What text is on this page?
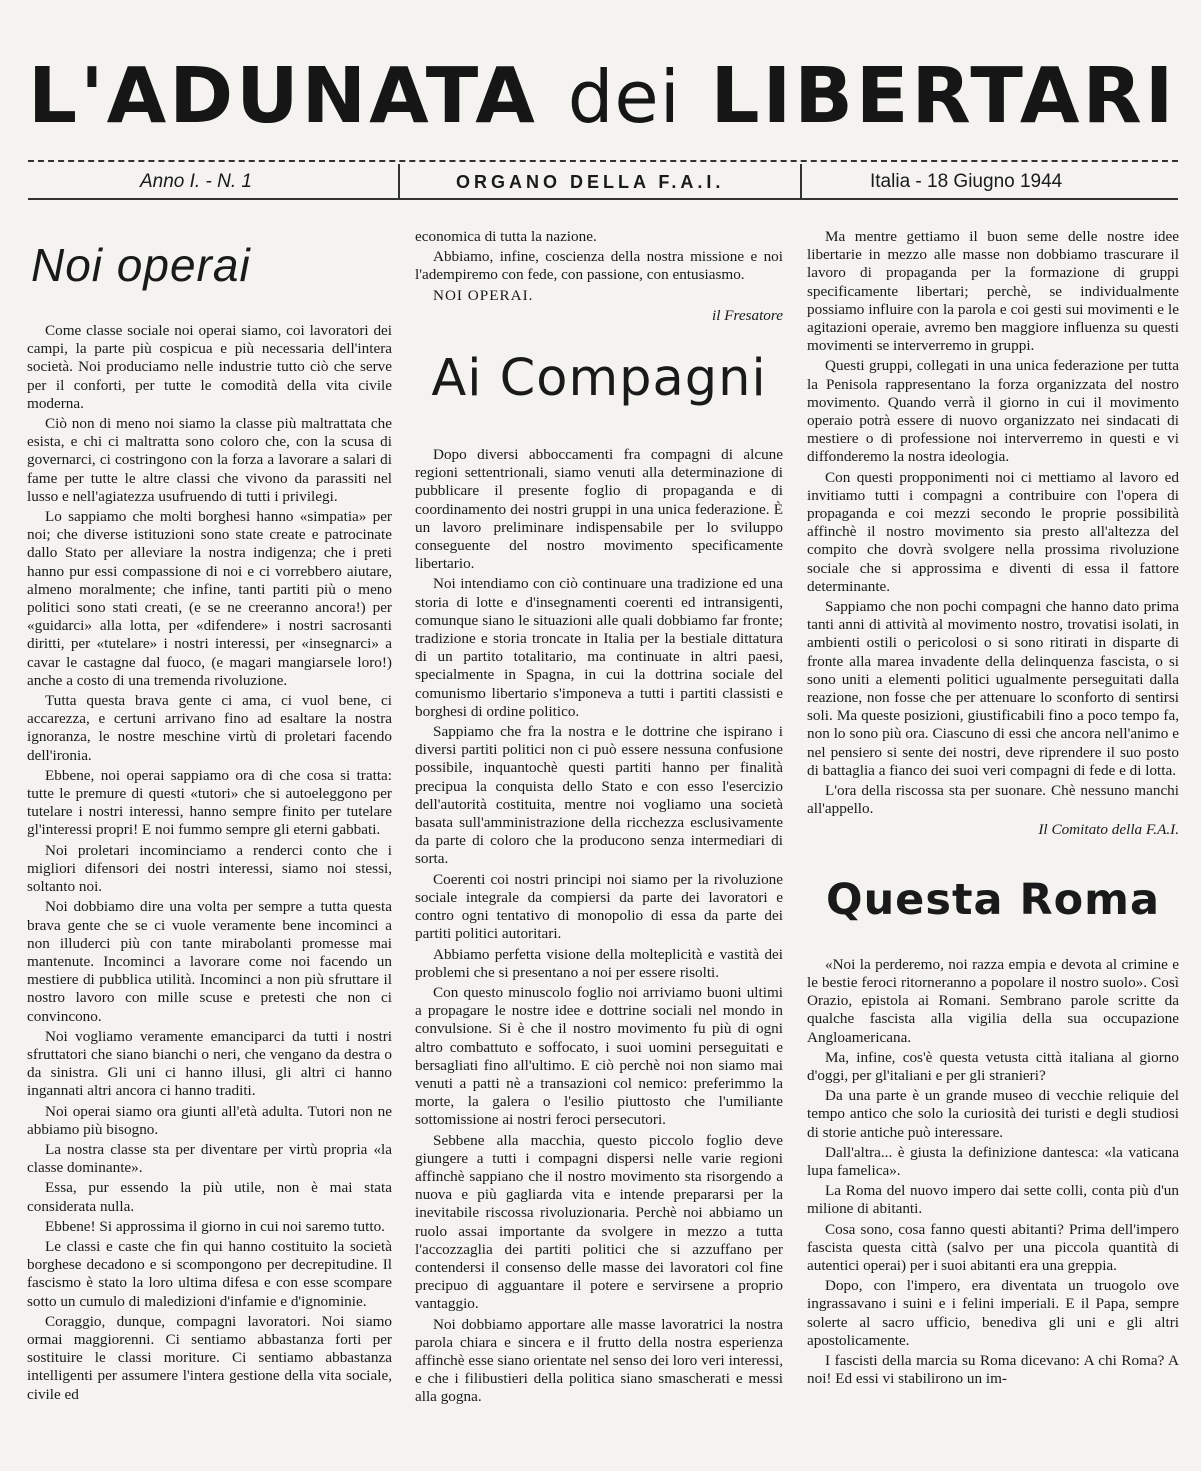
L'ADUNATA dei LIBERTARI
Anno I. - N. 1	ORGANO DELLA F.A.I.	Italia - 18 Giugno 1944
Noi operai

Come classe sociale noi operai siamo, coi lavoratori dei campi, la parte più cospicua e più necessaria dell'intera società. Noi produciamo nelle industrie tutto ciò che serve per il conforti, per tutte le comodità della vita civile moderna.

Ciò non di meno noi siamo la classe più maltrattata che esista, e chi ci maltratta sono coloro che, con la scusa di governarci, ci costringono con la forza a lavorare a salari di fame per tutte le altre classi che vivono da parassiti nel lusso e nell'agiatezza usufruendo di tutti i privilegi.

Lo sappiamo che molti borghesi hanno «simpatia» per noi; che diverse istituzioni sono state create e patrocinate dallo Stato per alleviare la nostra indigenza; che i preti hanno pur essi compassione di noi e ci vorrebbero aiutare, almeno moralmente; che infine, tanti partiti più o meno politici sono stati creati, (e se ne creeranno ancora!) per «guidarci» alla lotta, per «difendere» i nostri sacrosanti diritti, per «tutelare» i nostri interessi, per «insegnarci» a cavar le castagne dal fuoco, (e magari mangiarsele loro!) anche a costo di una tremenda rivoluzione.

Tutta questa brava gente ci ama, ci vuol bene, ci accarezza, e certuni arrivano fino ad esaltare la nostra ignoranza, le nostre meschine virtù di proletari facendo dell'ironia.

Ebbene, noi operai sappiamo ora di che cosa si tratta: tutte le premure di questi «tutori» che si autoeleggono per tutelare i nostri interessi, hanno sempre finito per tutelare gl'interessi propri! E noi fummo sempre gli eterni gabbati.

Noi proletari incominciamo a renderci conto che i migliori difensori dei nostri interessi, siamo noi stessi, soltanto noi.

Noi dobbiamo dire una volta per sempre a tutta questa brava gente che se ci vuole veramente bene incominci a non illuderci più con tante mirabolanti promesse mai mantenute. Incominci a lavorare come noi facendo un mestiere di pubblica utilità. Incominci a non più sfruttare il nostro lavoro con mille scuse e pretesti che non ci convincono.

Noi vogliamo veramente emanciparci da tutti i nostri sfruttatori che siano bianchi o neri, che vengano da destra o da sinistra. Gli uni ci hanno illusi, gli altri ci hanno ingannati altri ancora ci hanno traditi.

Noi operai siamo ora giunti all'età adulta. Tutori non ne abbiamo più bisogno.

La nostra classe sta per diventare per virtù propria «la classe dominante».

Essa, pur essendo la più utile, non è mai stata considerata nulla.

Ebbene! Si approssima il giorno in cui noi saremo tutto.

Le classi e caste che fin qui hanno costituito la società borghese decadono e si scompongono per decrepitudine. Il fascismo è stato la loro ultima difesa e con esse scompare sotto un cumulo di maledizioni d'infamie e d'ignominie.

Coraggio, dunque, compagni lavoratori. Noi siamo ormai maggiorenni. Ci sentiamo abbastanza forti per sostituire le classi moriture. Ci sentiamo abbastanza intelligenti per assumere l'intera gestione della vita sociale, civile ed

economica di tutta la nazione.

Abbiamo, infine, coscienza della nostra missione e noi l'adempiremo con fede, con passione, con entusiasmo.

NOI OPERAI.

il Fresatore

Ai Compagni

Dopo diversi abboccamenti fra compagni di alcune regioni settentrionali, siamo venuti alla determinazione di pubblicare il presente foglio di propaganda e di coordinamento dei nostri gruppi in una unica federazione. È un lavoro preliminare indispensabile per lo sviluppo conseguente del nostro movimento specificamente libertario.

Noi intendiamo con ciò continuare una tradizione ed una storia di lotte e d'insegnamenti coerenti ed intransigenti, comunque siano le situazioni alle quali dobbiamo far fronte; tradizione e storia troncate in Italia per la bestiale dittatura di un partito totalitario, ma continuate in altri paesi, specialmente in Spagna, in cui la dottrina sociale del comunismo libertario s'imponeva a tutti i partiti classisti e borghesi di ordine politico.

Sappiamo che fra la nostra e le dottrine che ispirano i diversi partiti politici non ci può essere nessuna confusione possibile, inquantochè questi partiti hanno per finalità precipua la conquista dello Stato e con esso l'esercizio dell'autorità costituita, mentre noi vogliamo una società basata sull'amministrazione della ricchezza esclusivamente da parte di coloro che la producono senza intermediari di sorta.

Coerenti coi nostri principi noi siamo per la rivoluzione sociale integrale da compiersi da parte dei lavoratori e contro ogni tentativo di monopolio di essa da parte dei partiti politici autoritari.

Abbiamo perfetta visione della molteplicità e vastità dei problemi che si presentano a noi per essere risolti.

Con questo minuscolo foglio noi arriviamo buoni ultimi a propagare le nostre idee e dottrine sociali nel mondo in convulsione. Si è che il nostro movimento fu più di ogni altro combattuto e soffocato, i suoi uomini perseguitati e bersagliati fino all'ultimo. E ciò perchè noi non siamo mai venuti a patti nè a transazioni col nemico: preferimmo la morte, la galera o l'esilio piuttosto che l'umiliante sottomissione ai nostri feroci persecutori.

Sebbene alla macchia, questo piccolo foglio deve giungere a tutti i compagni dispersi nelle varie regioni affinchè sappiano che il nostro movimento sta risorgendo a nuova e più gagliarda vita e intende prepararsi per la inevitabile riscossa rivoluzionaria. Perchè noi abbiamo un ruolo assai importante da svolgere in mezzo a tutta l'accozzaglia dei partiti politici che si azzuffano per contendersi il consenso delle masse dei lavoratori col fine precipuo di agguantare il potere e servirsene a proprio vantaggio.

Noi dobbiamo apportare alle masse lavoratrici la nostra parola chiara e sincera e il frutto della nostra esperienza affinchè esse siano orientate nel senso dei loro veri interessi, e che i filibustieri della politica siano smascherati e messi alla gogna.

Ma mentre gettiamo il buon seme delle nostre idee libertarie in mezzo alle masse non dobbiamo trascurare il lavoro di propaganda per la formazione di gruppi specificamente libertari; perchè, se individualmente possiamo influire con la parola e coi gesti sui movimenti e le agitazioni operaie, avremo ben maggiore influenza su questi movimenti se interverremo in gruppi.

Questi gruppi, collegati in una unica federazione per tutta la Penisola rappresentano la forza organizzata del nostro movimento. Quando verrà il giorno in cui il movimento operaio potrà essere di nuovo organizzato nei sindacati di mestiere o di professione noi interverremo in questi e vi diffonderemo la nostra ideologia.

Con questi propponimenti noi ci mettiamo al lavoro ed invitiamo tutti i compagni a contribuire con l'opera di propaganda e coi mezzi secondo le proprie possibilità affinchè il nostro movimento sia presto all'altezza del compito che dovrà svolgere nella prossima rivoluzione sociale che si approssima e diventi di essa il fattore determinante.

Sappiamo che non pochi compagni che hanno dato prima tanti anni di attività al movimento nostro, trovatisi isolati, in ambienti ostili o pericolosi o si sono ritirati in disparte di fronte alla marea invadente della delinquenza fascista, o si sono uniti a elementi politici ugualmente perseguitati dalla reazione, non fosse che per attenuare lo sconforto di sentirsi soli. Ma queste posizioni, giustificabili fino a poco tempo fa, non lo sono più ora. Ciascuno di essi che ancora nell'animo e nel pensiero si sente dei nostri, deve riprendere il suo posto di battaglia a fianco dei suoi veri compagni di fede e di lotta.

L'ora della riscossa sta per suonare. Chè nessuno manchi all'appello.

Il Comitato della F.A.I.

Questa Roma

«Noi la perderemo, noi razza empia e devota al crimine e le bestie feroci ritorneranno a popolare il nostro suolo». Così Orazio, epistola ai Romani. Sembrano parole scritte da qualche fascista alla vigilia della sua occupazione Angloamericana.

Ma, infine, cos'è questa vetusta città italiana al giorno d'oggi, per gl'italiani e per gli stranieri?

Da una parte è un grande museo di vecchie reliquie del tempo antico che solo la curiosità dei turisti e degli studiosi di storie antiche può interessare.

Dall'altra... è giusta la definizione dantesca: «la vaticana lupa famelica».

La Roma del nuovo impero dai sette colli, conta più d'un milione di abitanti.

Cosa sono, cosa fanno questi abitanti? Prima dell'impero fascista questa città (salvo per una piccola quantità di autentici operai) per i suoi abitanti era una greppia.

Dopo, con l'impero, era diventata un truogolo ove ingrassavano i suini e i felini imperiali. E il Papa, sempre solerte al sacro ufficio, benediva gli uni e gli altri apostolicamente.

I fascisti della marcia su Roma dicevano: A chi Roma? A noi! Ed essi vi stabilirono un im-
